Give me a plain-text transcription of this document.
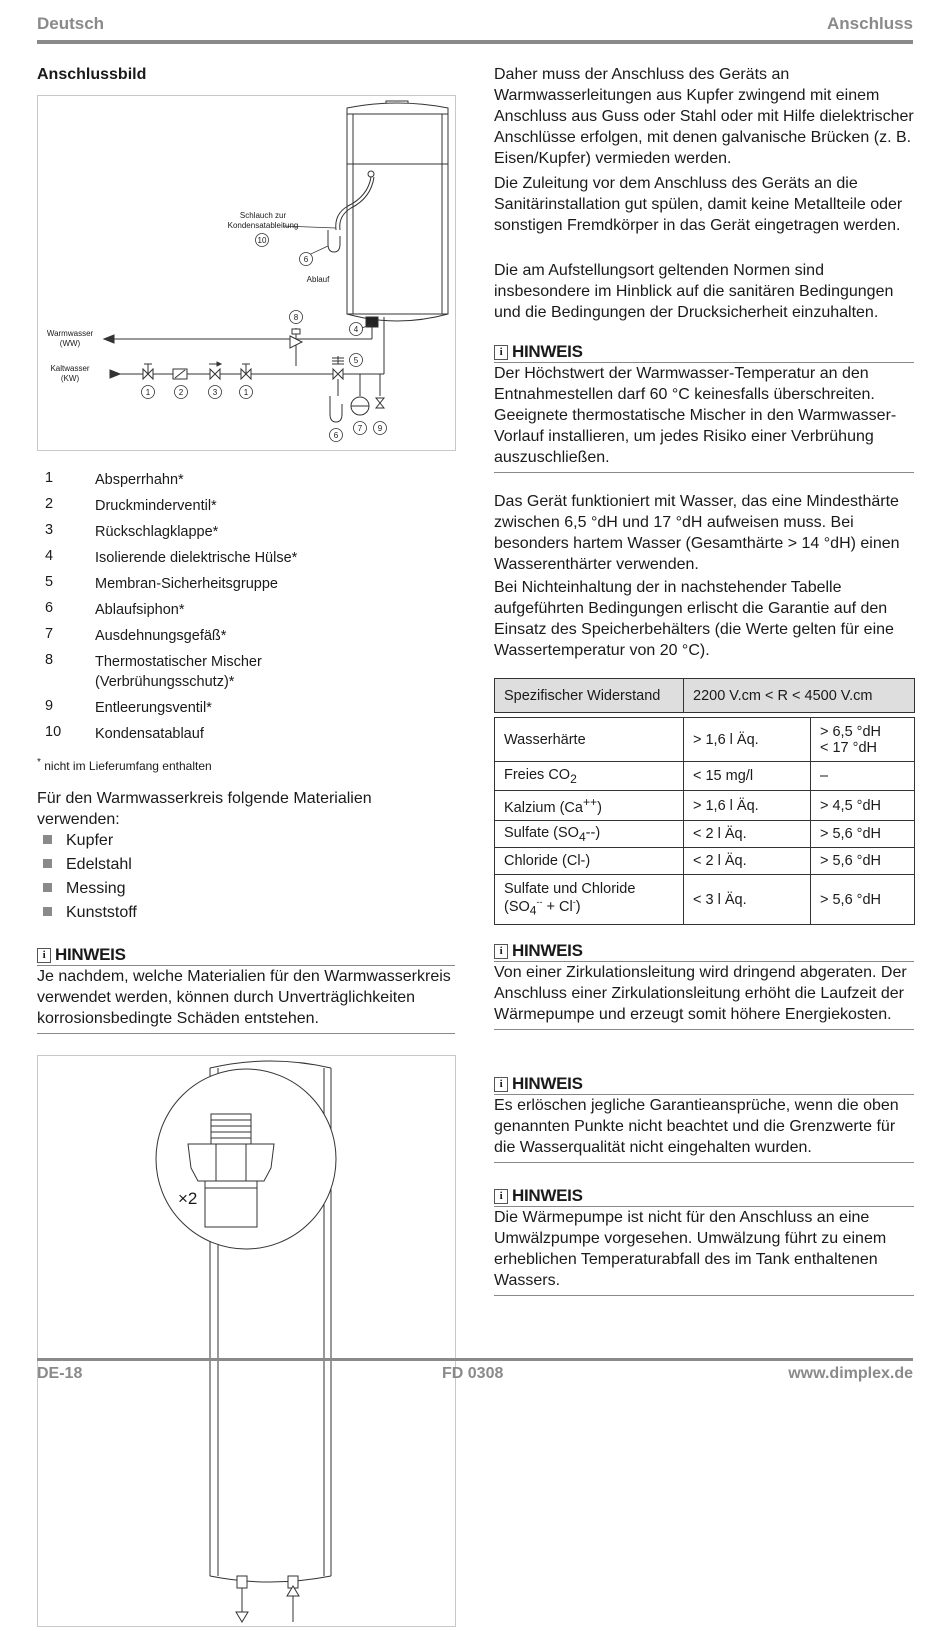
Deutsch	Anschluss
Anschlussbild
Schlauch zur
Kondensatableitung
Ablauf
Warmwasser
(WW)
Kaltwasser
(KW)
10
6
8
4
5
1	2	3	1
6
7 9
1	Absperrhahn*
2	Druckminderventil*
3	Rückschlagklappe*
4	Isolierende dielektrische Hülse*
5	Membran-Sicherheitsgruppe
6	Ablaufsiphon*
7	Ausdehnungsgefäß*
8	Thermostatischer Mischer
(Verbrühungsschutz)*
9	Entleerungsventil*
10 Kondensatablauf
* nicht im Lieferumfang enthalten
Für den Warmwasserkreis folgende Materialien verwenden:
Kupfer
Edelstahl
Messing
Kunststoff
i HINWEIS
Je nachdem, welche Materialien für den Warmwasserkreis verwendet werden, können durch Unverträglichkeiten korrosionsbedingte Schäden entstehen.
×2
Daher muss der Anschluss des Geräts an Warmwasserleitungen aus Kupfer zwingend mit einem Anschluss aus Guss oder Stahl oder mit Hilfe dielektrischer Anschlüsse erfolgen, mit denen galvanische Brücken (z. B. Eisen/Kupfer) vermieden werden.
Die Zuleitung vor dem Anschluss des Geräts an die Sanitärinstallation gut spülen, damit keine Metallteile oder sonstigen Fremdkörper in das Gerät eingetragen werden.
Die am Aufstellungsort geltenden Normen sind insbesondere im Hinblick auf die sanitären Bedingungen und die Bedingungen der Drucksicherheit einzuhalten.
i HINWEIS
Der Höchstwert der Warmwasser-Temperatur an den Entnahmestellen darf 60 °C keinesfalls überschreiten. Geeignete thermostatische Mischer in den Warmwasser-Vorlauf installieren, um jedes Risiko einer Verbrühung auszuschließen.
Das Gerät funktioniert mit Wasser, das eine Mindesthärte zwischen 6,5 °dH und 17 °dH aufweisen muss. Bei besonders hartem Wasser (Gesamthärte > 14 °dH) einen Wasserenthärter verwenden.
Bei Nichteinhaltung der in nachstehender Tabelle aufgeführten Bedingungen erlischt die Garantie auf den Einsatz des Speicherbehälters (die Werte gelten für eine Wassertemperatur von 20 °C).
Spezifischer Widerstand	2200 V.cm < R < 4500 V.cm	

Wasserhärte	> 1,6 l Äq.	> 6,5 °dH
< 17 °dH

Freies $CO_2$	< 15 mg/l	–
Kalzium (Ca++)	> 1,6 l Äq.	> 4,5 °dH
Sulfate $(SO_4--)$	< 2 l Äq.	> 5,6 °dH
Chloride (Cl-)	< 2 l Äq.	> 5,6 °dH

Sulfate und Chloride
$(SO_4^{--} + Cl^-)$	< 3 l Äq.	> 5,6 °dH
i HINWEIS
Von einer Zirkulationsleitung wird dringend abgeraten. Der Anschluss einer Zirkulationsleitung erhöht die Laufzeit der Wärmepumpe und erzeugt somit höhere Energiekosten.
i HINWEIS
Es erlöschen jegliche Garantieansprüche, wenn die oben genannten Punkte nicht beachtet und die Grenzwerte für die Wasserqualität nicht eingehalten wurden.
i HINWEIS
Die Wärmepumpe ist nicht für den Anschluss an eine Umwälzpumpe vorgesehen. Umwälzung führt zu einem erheblichen Temperaturabfall des im Tank enthaltenen Wassers.
DE-18	FD 0308	www.dimplex.de
